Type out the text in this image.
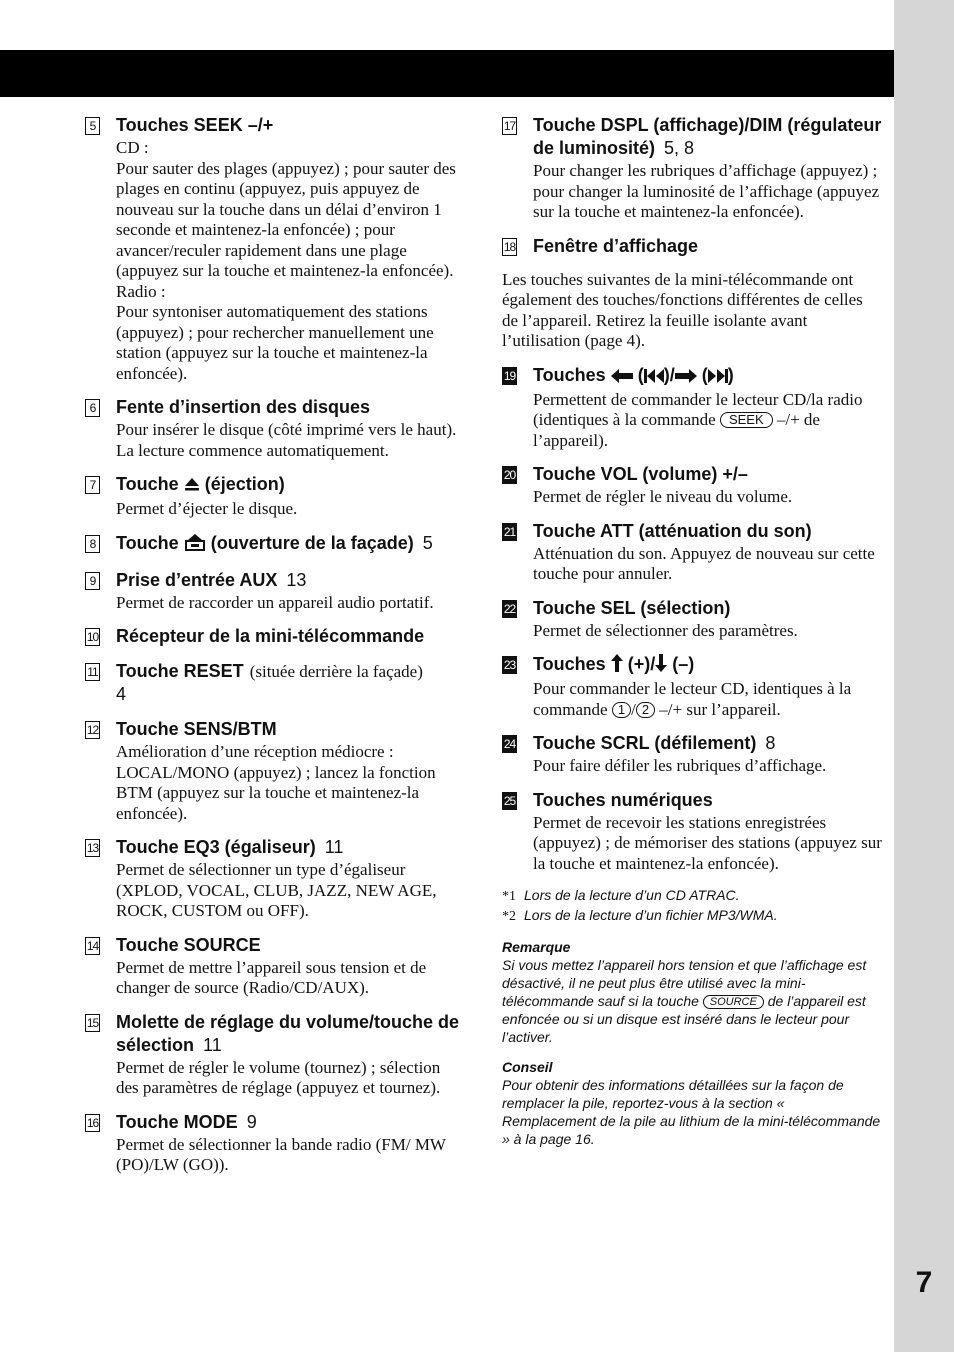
7
5 Touches SEEK –/+

CD :

Pour sauter des plages (appuyez) ; pour sauter des plages en continu (appuyez, puis appuyez de nouveau sur la touche dans un délai d’environ 1 seconde et maintenez-la enfoncée) ; pour avancer/reculer rapidement dans une plage (appuyez sur la touche et maintenez-la enfoncée).

Radio :

Pour syntoniser automatiquement des stations (appuyez) ; pour rechercher manuellement une station (appuyez sur la touche et maintenez-la enfoncée).

6 Fente d’insertion des disques
Pour insérer le disque (côté imprimé vers le haut). La lecture commence automatiquement.
7 Touche (éjection)
Permet d’éjecter le disque.
8 Touche (ouverture de la façade) 5
9 Prise d’entrée AUX 13
Permet de raccorder un appareil audio portatif.
10 Récepteur de la mini-télécommande
11 Touche RESET (située derrière la façade)
4
12 Touche SENS/BTM
Amélioration d’une réception médiocre : LOCAL/MONO (appuyez) ; lancez la fonction BTM (appuyez sur la touche et maintenez-la enfoncée).
13 Touche EQ3 (égaliseur) 11
Permet de sélectionner un type d’égaliseur (XPLOD, VOCAL, CLUB, JAZZ, NEW AGE, ROCK, CUSTOM ou OFF).
14 Touche SOURCE
Permet de mettre l’appareil sous tension et de changer de source (Radio/CD/AUX).
15 Molette de réglage du volume/touche de sélection 11
Permet de régler le volume (tournez) ; sélection des paramètres de réglage (appuyez et tournez).
16 Touche MODE 9
Permet de sélectionner la bande radio (FM/ MW (PO)/LW (GO)).
17 Touche DSPL (affichage)/DIM (régulateur de luminosité) 5, 8
Pour changer les rubriques d’affichage (appuyez) ; pour changer la luminosité de l’affichage (appuyez sur la touche et maintenez-la enfoncée).
18 Fenêtre d’affichage

Les touches suivantes de la mini-télécommande ont également des touches/fonctions différentes de celles de l’appareil. Retirez la feuille isolante avant l’utilisation (page 4).

19 Touches ( )/ ( )
Permettent de commander le lecteur CD/la radio (identiques à la commande SEEK –/+ de l’appareil).
20 Touche VOL (volume) +/–
Permet de régler le niveau du volume.
21 Touche ATT (atténuation du son)
Atténuation du son. Appuyez de nouveau sur cette touche pour annuler.
22 Touche SEL (sélection)
Permet de sélectionner des paramètres.
23 Touches (+)/ (–)
Pour commander le lecteur CD, identiques à la commande 1 / 2 –/+ sur l’appareil.
24 Touche SCRL (défilement) 8
Pour faire défiler les rubriques d’affichage.
25 Touches numériques
Permet de recevoir les stations enregistrées (appuyez) ; de mémoriser des stations (appuyez sur la touche et maintenez-la enfoncée).

*1 Lors de la lecture d’un CD ATRAC.

*2 Lors de la lecture d’un fichier MP3/WMA.

Remarque
Si vous mettez l’appareil hors tension et que l’affichage est désactivé, il ne peut plus être utilisé avec la mini-télécommande sauf si la touche SOURCE de l’appareil est enfoncée ou si un disque est inséré dans le lecteur pour l’activer.
Conseil
Pour obtenir des informations détaillées sur la façon de remplacer la pile, reportez-vous à la section « Remplacement de la pile au lithium de la mini-télécommande » à la page 16.
